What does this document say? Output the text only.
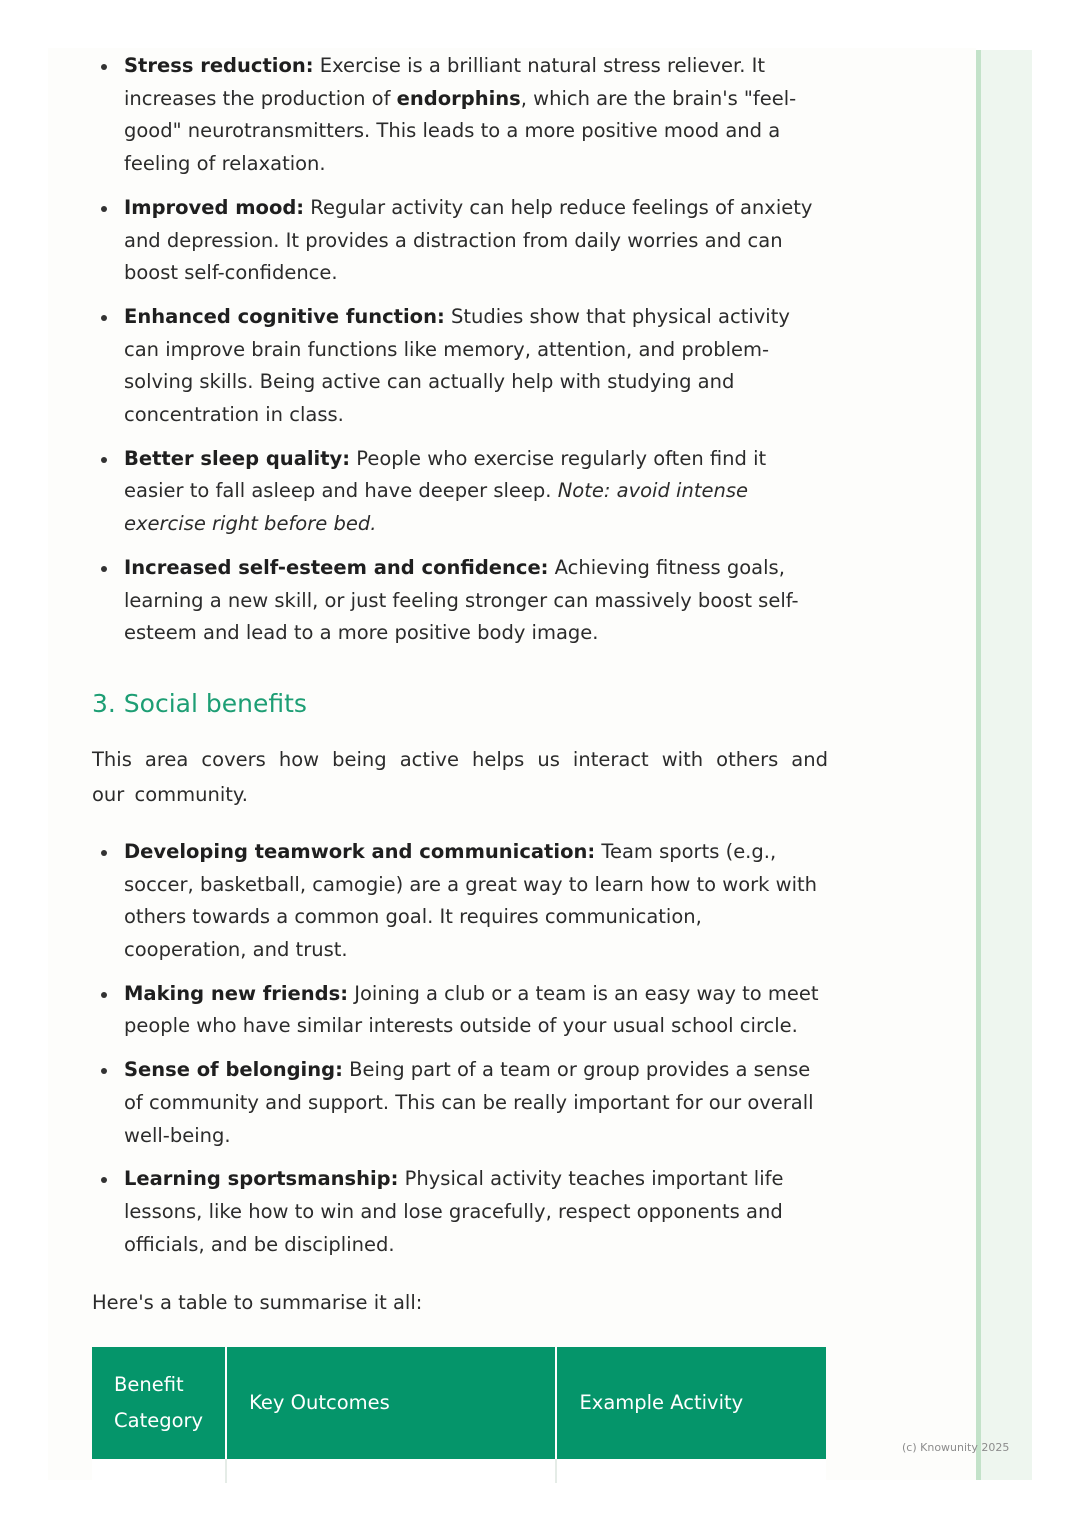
Stress reduction: Exercise is a brilliant natural stress reliever. It increases the production of endorphins, which are the brain's "feel-good" neurotransmitters. This leads to a more positive mood and a feeling of relaxation.
Improved mood: Regular activity can help reduce feelings of anxiety and depression. It provides a distraction from daily worries and can boost self-confidence.
Enhanced cognitive function: Studies show that physical activity can improve brain functions like memory, attention, and problem-solving skills. Being active can actually help with studying and concentration in class.
Better sleep quality: People who exercise regularly often find it easier to fall asleep and have deeper sleep. Note: avoid intense exercise right before bed.
Increased self-esteem and confidence: Achieving fitness goals, learning a new skill, or just feeling stronger can massively boost self-esteem and lead to a more positive body image.
3. Social benefits

This area covers how being active helps us interact with others and our community.

Developing teamwork and communication: Team sports (e.g., soccer, basketball, camogie) are a great way to learn how to work with others towards a common goal. It requires communication, cooperation, and trust.
Making new friends: Joining a club or a team is an easy way to meet people who have similar interests outside of your usual school circle.
Sense of belonging: Being part of a team or group provides a sense of community and support. This can be really important for our overall well-being.
Learning sportsmanship: Physical activity teaches important life lessons, like how to win and lose gracefully, respect opponents and officials, and be disciplined.

Here's a table to summarise it all:

Benefit Category	Key Outcomes	Example Activity

(c) Knowunity 2025
